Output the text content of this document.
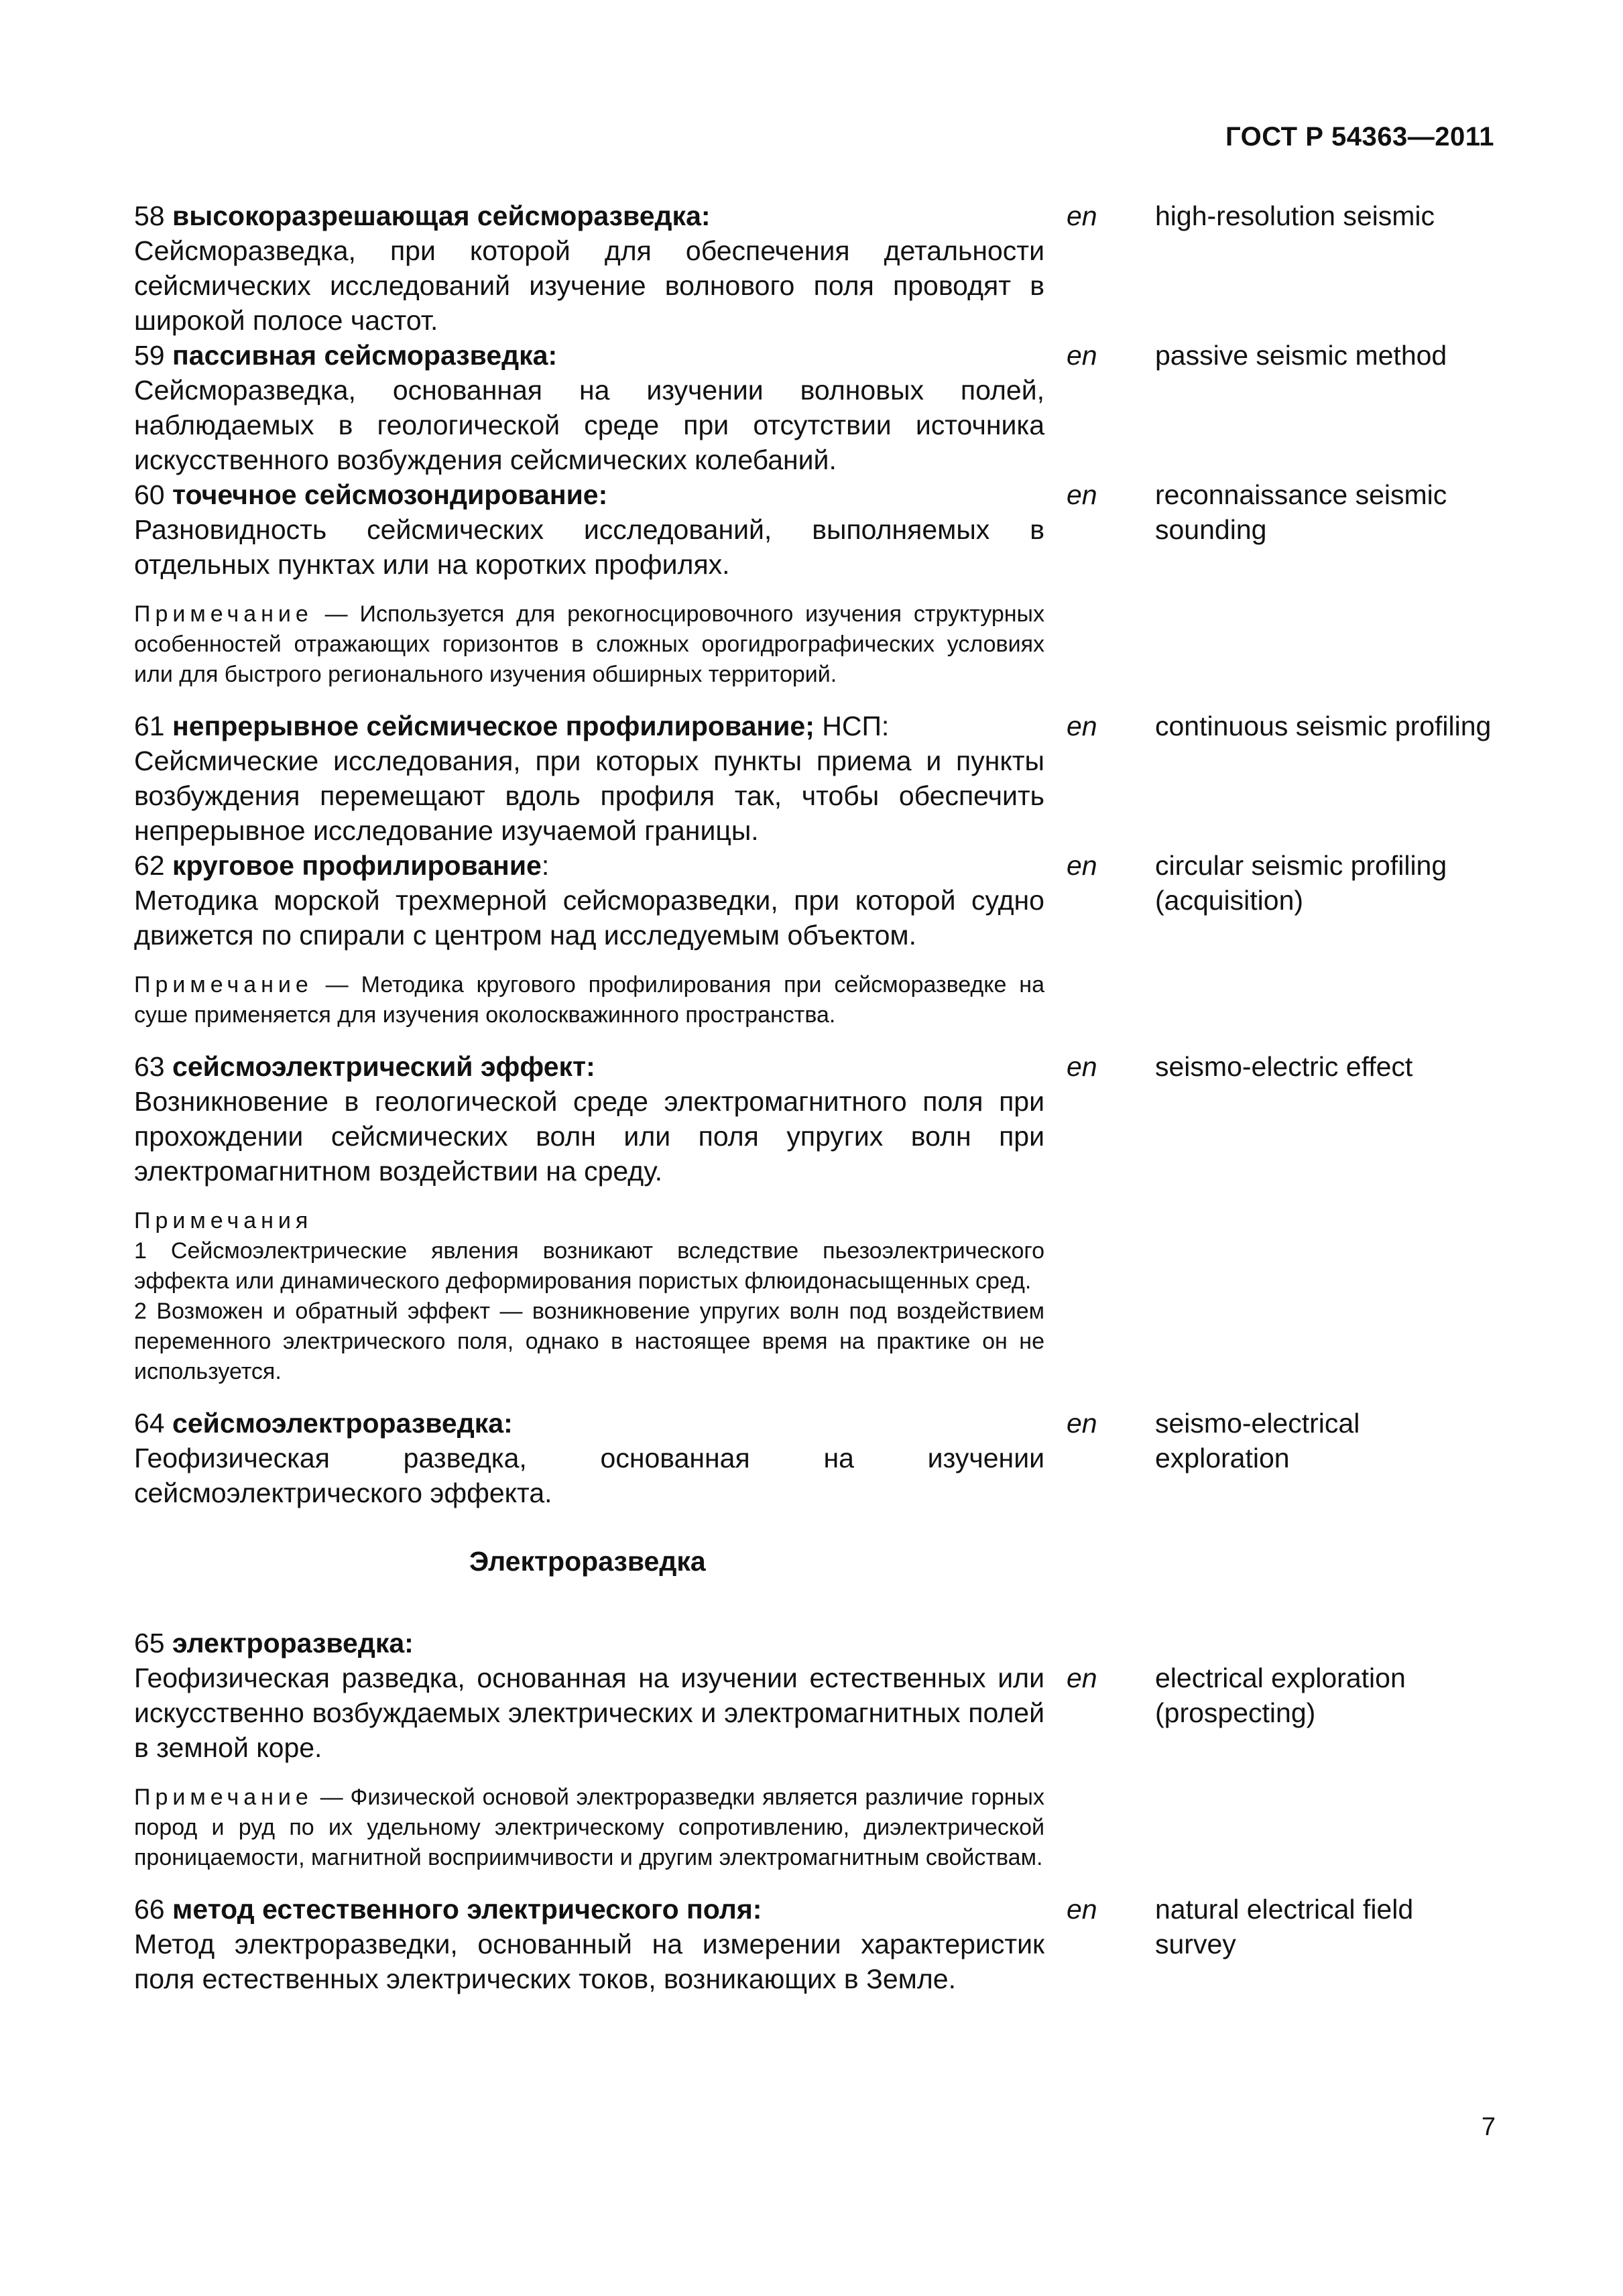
ГОСТ Р 54363—2011
58 высокоразрешающая сейсморазведка:
Сейсморазведка, при которой для обеспечения детальности сейсмических исследований изучение волнового поля проводят в широкой полосе частот.
en	high-resolution seismic
59 пассивная сейсморазведка:
Сейсморазведка, основанная на изучении волновых полей, наблюдаемых в геологической среде при отсутствии источника искусственного возбуждения сейсмических колебаний.
en	passive seismic method
60 точечное сейсмозондирование:
Разновидность сейсмических исследований, выполняемых в отдельных пунктах или на коротких профилях.
Примечание — Используется для рекогносцировочного изучения структурных особенностей отражающих горизонтов в сложных орогидрографических условиях или для быстрого регионального изучения обширных территорий.
en	reconnaissance seismic sounding
61 непрерывное сейсмическое профилирование; НСП:
Сейсмические исследования, при которых пункты приема и пункты возбуждения перемещают вдоль профиля так, чтобы обеспечить непрерывное исследование изучаемой границы.
en	continuous seismic profiling
62 круговое профилирование:
Методика морской трехмерной сейсморазведки, при которой судно движется по спирали с центром над исследуемым объектом.
Примечание — Методика кругового профилирования при сейсморазведке на суше применяется для изучения околоскважинного пространства.
en	circular seismic profiling (acquisition)
63 сейсмоэлектрический эффект:
Возникновение в геологической среде электромагнитного поля при прохождении сейсмических волн или поля упругих волн при электромагнитном воздействии на среду.
Примечания
1 Сейсмоэлектрические явления возникают вследствие пьезоэлектрического эффекта или динамического деформирования пористых флюидонасыщенных сред.
2 Возможен и обратный эффект — возникновение упругих волн под воздействием переменного электрического поля, однако в настоящее время на практике он не используется.
en	seismo-electric effect
64 сейсмоэлектроразведка:
Геофизическая разведка, основанная на изучении сейсмоэлектрического эффекта.
en	seismo-electrical exploration
Электроразведка
65 электроразведка:
Геофизическая разведка, основанная на изучении естественных или искусственно возбуждаемых электрических и электромагнитных полей в земной коре.
Примечание — Физической основой электроразведки является различие горных пород и руд по их удельному электрическому сопротивлению, диэлектрической проницаемости, магнитной восприимчивости и другим электромагнитным свойствам.
en	electrical exploration (prospecting)
66 метод естественного электрического поля:
Метод электроразведки, основанный на измерении характеристик поля естественных электрических токов, возникающих в Земле.
en	natural electrical field survey
7
